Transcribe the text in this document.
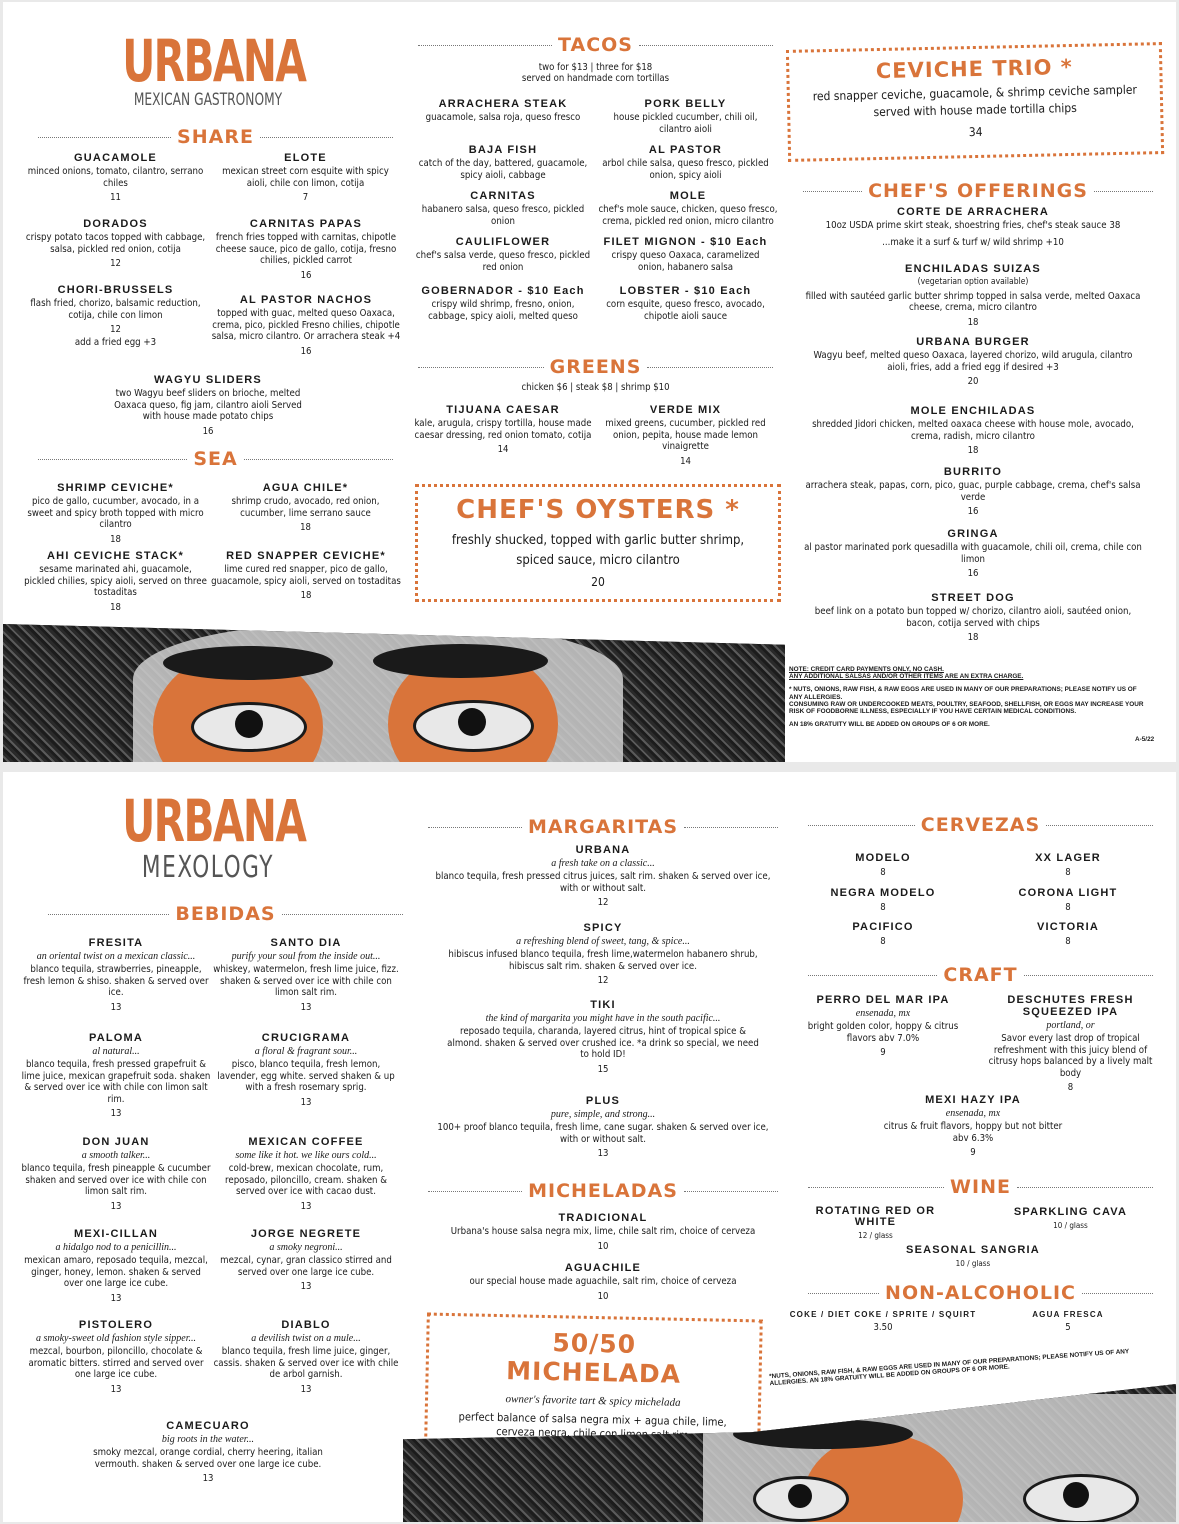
URBANA
MEXICAN GASTRONOMY
SHARE
GUACAMOLE
minced onions, tomato, cilantro, serrano chiles
11
ELOTE
mexican street corn esquite with spicy aioli, chile con limon, cotija
7
DORADOS
crispy potato tacos topped with cabbage, salsa, pickled red onion, cotija
12
CARNITAS PAPAS
french fries topped with carnitas, chipotle cheese sauce, pico de gallo, cotija, fresno chilies, pickled carrot
16
CHORI-BRUSSELS
flash fried, chorizo, balsamic reduction, cotija, chile con limon
12
add a fried egg +3
AL PASTOR NACHOS
topped with guac, melted queso Oaxaca, crema, pico, pickled Fresno chilies, chipotle salsa, micro cilantro. Or arrachera steak +4
16
WAGYU SLIDERS
two Wagyu beef sliders on brioche, melted Oaxaca queso, fig jam, cilantro aioli Served with house made potato chips
16
SEA
SHRIMP CEVICHE*
pico de gallo, cucumber, avocado, in a sweet and spicy broth topped with micro cilantro
18
AGUA CHILE*
shrimp crudo, avocado, red onion, cucumber, lime serrano sauce
18
AHI CEVICHE STACK*
sesame marinated ahi, guacamole, pickled chilies, spicy aioli, served on three tostaditas
18
RED SNAPPER CEVICHE*
lime cured red snapper, pico de gallo, guacamole, spicy aioli, served on tostaditas
18
TACOS
two for $13 | three for $18
served on handmade corn tortillas
ARRACHERA STEAK
guacamole, salsa roja, queso fresco
PORK BELLY
house pickled cucumber, chili oil, cilantro aioli
BAJA FISH
catch of the day, battered, guacamole, spicy aioli, cabbage
AL PASTOR
arbol chile salsa, queso fresco, pickled onion, spicy aioli
CARNITAS
habanero salsa, queso fresco, pickled onion
MOLE
chef's mole sauce, chicken, queso fresco, crema, pickled red onion, micro cilantro
CAULIFLOWER
chef's salsa verde, queso fresco, pickled red onion
FILET MIGNON - $10 Each
crispy queso Oaxaca, caramelized onion, habanero salsa
GOBERNADOR - $10 Each
crispy wild shrimp, fresno, onion, cabbage, spicy aioli, melted queso
LOBSTER - $10 Each
corn esquite, queso fresco, avocado, chipotle aioli sauce
GREENS
chicken $6 | steak $8 | shrimp $10
TIJUANA CAESAR
kale, arugula, crispy tortilla, house made caesar dressing, red onion tomato, cotija
14
VERDE MIX
mixed greens, cucumber, pickled red onion, pepita, house made lemon vinaigrette
14
CHEF'S OYSTERS *
freshly shucked, topped with garlic butter shrimp, spiced sauce, micro cilantro
20
CEVICHE TRIO *
red snapper ceviche, guacamole, & shrimp ceviche sampler served with house made tortilla chips
34
CHEF'S OFFERINGS
CORTE DE ARRACHERA
10oz USDA prime skirt steak, shoestring fries, chef's steak sauce 38
...make it a surf & turf w/ wild shrimp +10
ENCHILADAS SUIZAS
(vegetarian option available)
filled with sautéed garlic butter shrimp topped in salsa verde, melted Oaxaca cheese, crema, micro cilantro
18
URBANA BURGER
Wagyu beef, melted queso Oaxaca, layered chorizo, wild arugula, cilantro aioli, fries, add a fried egg if desired +3
20
MOLE ENCHILADAS
shredded Jidori chicken, melted oaxaca cheese with house mole, avocado, crema, radish, micro cilantro
18
BURRITO
arrachera steak, papas, corn, pico, guac, purple cabbage, crema, chef's salsa verde
16
GRINGA
al pastor marinated pork quesadilla with guacamole, chili oil, crema, chile con limon
16
STREET DOG
beef link on a potato bun topped w/ chorizo, cilantro aioli, sautéed onion, bacon, cotija served with chips
18
NOTE: CREDIT CARD PAYMENTS ONLY, NO CASH.
ANY ADDITIONAL SALSAS AND/OR OTHER ITEMS ARE AN EXTRA CHARGE.
* NUTS, ONIONS, RAW FISH, & RAW EGGS ARE USED IN MANY OF OUR PREPARATIONS; PLEASE NOTIFY US OF ANY ALLERGIES.
CONSUMING RAW OR UNDERCOOKED MEATS, POULTRY, SEAFOOD, SHELLFISH, OR EGGS MAY INCREASE YOUR RISK OF FOODBORNE ILLNESS, ESPECIALLY IF YOU HAVE CERTAIN MEDICAL CONDITIONS.
AN 18% GRATUITY WILL BE ADDED ON GROUPS OF 6 OR MORE.
A-5/22
URBANA
MEXOLOGY
BEBIDAS
FRESITA
an oriental twist on a mexican classic...
blanco tequila, strawberries, pineapple, fresh lemon & shiso. shaken & served over ice.
13
SANTO DIA
purify your soul from the inside out...
whiskey, watermelon, fresh lime juice, fizz. shaken & served over ice with chile con limon salt rim.
13
PALOMA
al natural...
blanco tequila, fresh pressed grapefruit & lime juice, mexican grapefruit soda. shaken & served over ice with chile con limon salt rim.
13
CRUCIGRAMA
a floral & fragrant sour...
pisco, blanco tequila, fresh lemon, lavender, egg white. served shaken & up with a fresh rosemary sprig.
13
DON JUAN
a smooth talker...
blanco tequila, fresh pineapple & cucumber shaken and served over ice with chile con limon salt rim.
13
MEXICAN COFFEE
some like it hot. we like ours cold...
cold-brew, mexican chocolate, rum, reposado, piloncillo, cream. shaken & served over ice with cacao dust.
13
MEXI-CILLAN
a hidalgo nod to a penicillin...
mexican amaro, reposado tequila, mezcal, ginger, honey, lemon. shaken & served over one large ice cube.
13
JORGE NEGRETE
a smoky negroni...
mezcal, cynar, gran classico stirred and served over one large ice cube.
13
PISTOLERO
a smoky-sweet old fashion style sipper...
mezcal, bourbon, piloncillo, chocolate & aromatic bitters. stirred and served over one large ice cube.
13
DIABLO
a devilish twist on a mule...
blanco tequila, fresh lime juice, ginger, cassis. shaken & served over ice with chile de arbol garnish.
13
CAMECUARO
big roots in the water...
smoky mezcal, orange cordial, cherry heering, italian vermouth. shaken & served over one large ice cube.
13
MARGARITAS
URBANA
a fresh take on a classic...
blanco tequila, fresh pressed citrus juices, salt rim. shaken & served over ice, with or without salt.
12
SPICY
a refreshing blend of sweet, tang, & spice...
hibiscus infused blanco tequila, fresh lime,watermelon habanero shrub, hibiscus salt rim. shaken & served over ice.
12
TIKI
the kind of margarita you might have in the south pacific...
reposado tequila, charanda, layered citrus, hint of tropical spice & almond. shaken & served over crushed ice. *a drink so special, we need to hold ID!
15
PLUS
pure, simple, and strong...
100+ proof blanco tequila, fresh lime, cane sugar. shaken & served over ice, with or without salt.
13
MICHELADAS
TRADICIONAL
Urbana's house salsa negra mix, lime, chile salt rim, choice of cerveza
10
AGUACHILE
our special house made aguachile, salt rim, choice of cerveza
10
50/50
MICHELADA
owner's favorite tart & spicy michelada
perfect balance of salsa negra mix + agua chile, lime, cerveza negra, chile con limon salt rim
CERVEZAS
MODELO
8
XX LAGER
8
NEGRA MODELO
8
CORONA LIGHT
8
PACIFICO
8
VICTORIA
8
CRAFT
PERRO DEL MAR IPA
ensenada, mx
bright golden color, hoppy & citrus flavors abv 7.0%
9
DESCHUTES FRESH SQUEEZED IPA
portland, or
Savor every last drop of tropical refreshment with this juicy blend of citrusy hops balanced by a lively malt body
8
MEXI HAZY IPA
ensenada, mx
citrus & fruit flavors, hoppy but not bitter abv 6.3%
9
WINE
ROTATING RED OR WHITE
12 / glass
SPARKLING CAVA
10 / glass
SEASONAL SANGRIA
10 / glass
NON-ALCOHOLIC
COKE / DIET COKE / SPRITE / SQUIRT
3.50
AGUA FRESCA
5
*NUTS, ONIONS, RAW FISH, & RAW EGGS ARE USED IN MANY OF OUR PREPARATIONS; PLEASE NOTIFY US OF ANY ALLERGIES. AN 18% GRATUITY WILL BE ADDED ON GROUPS OF 6 OR MORE.
